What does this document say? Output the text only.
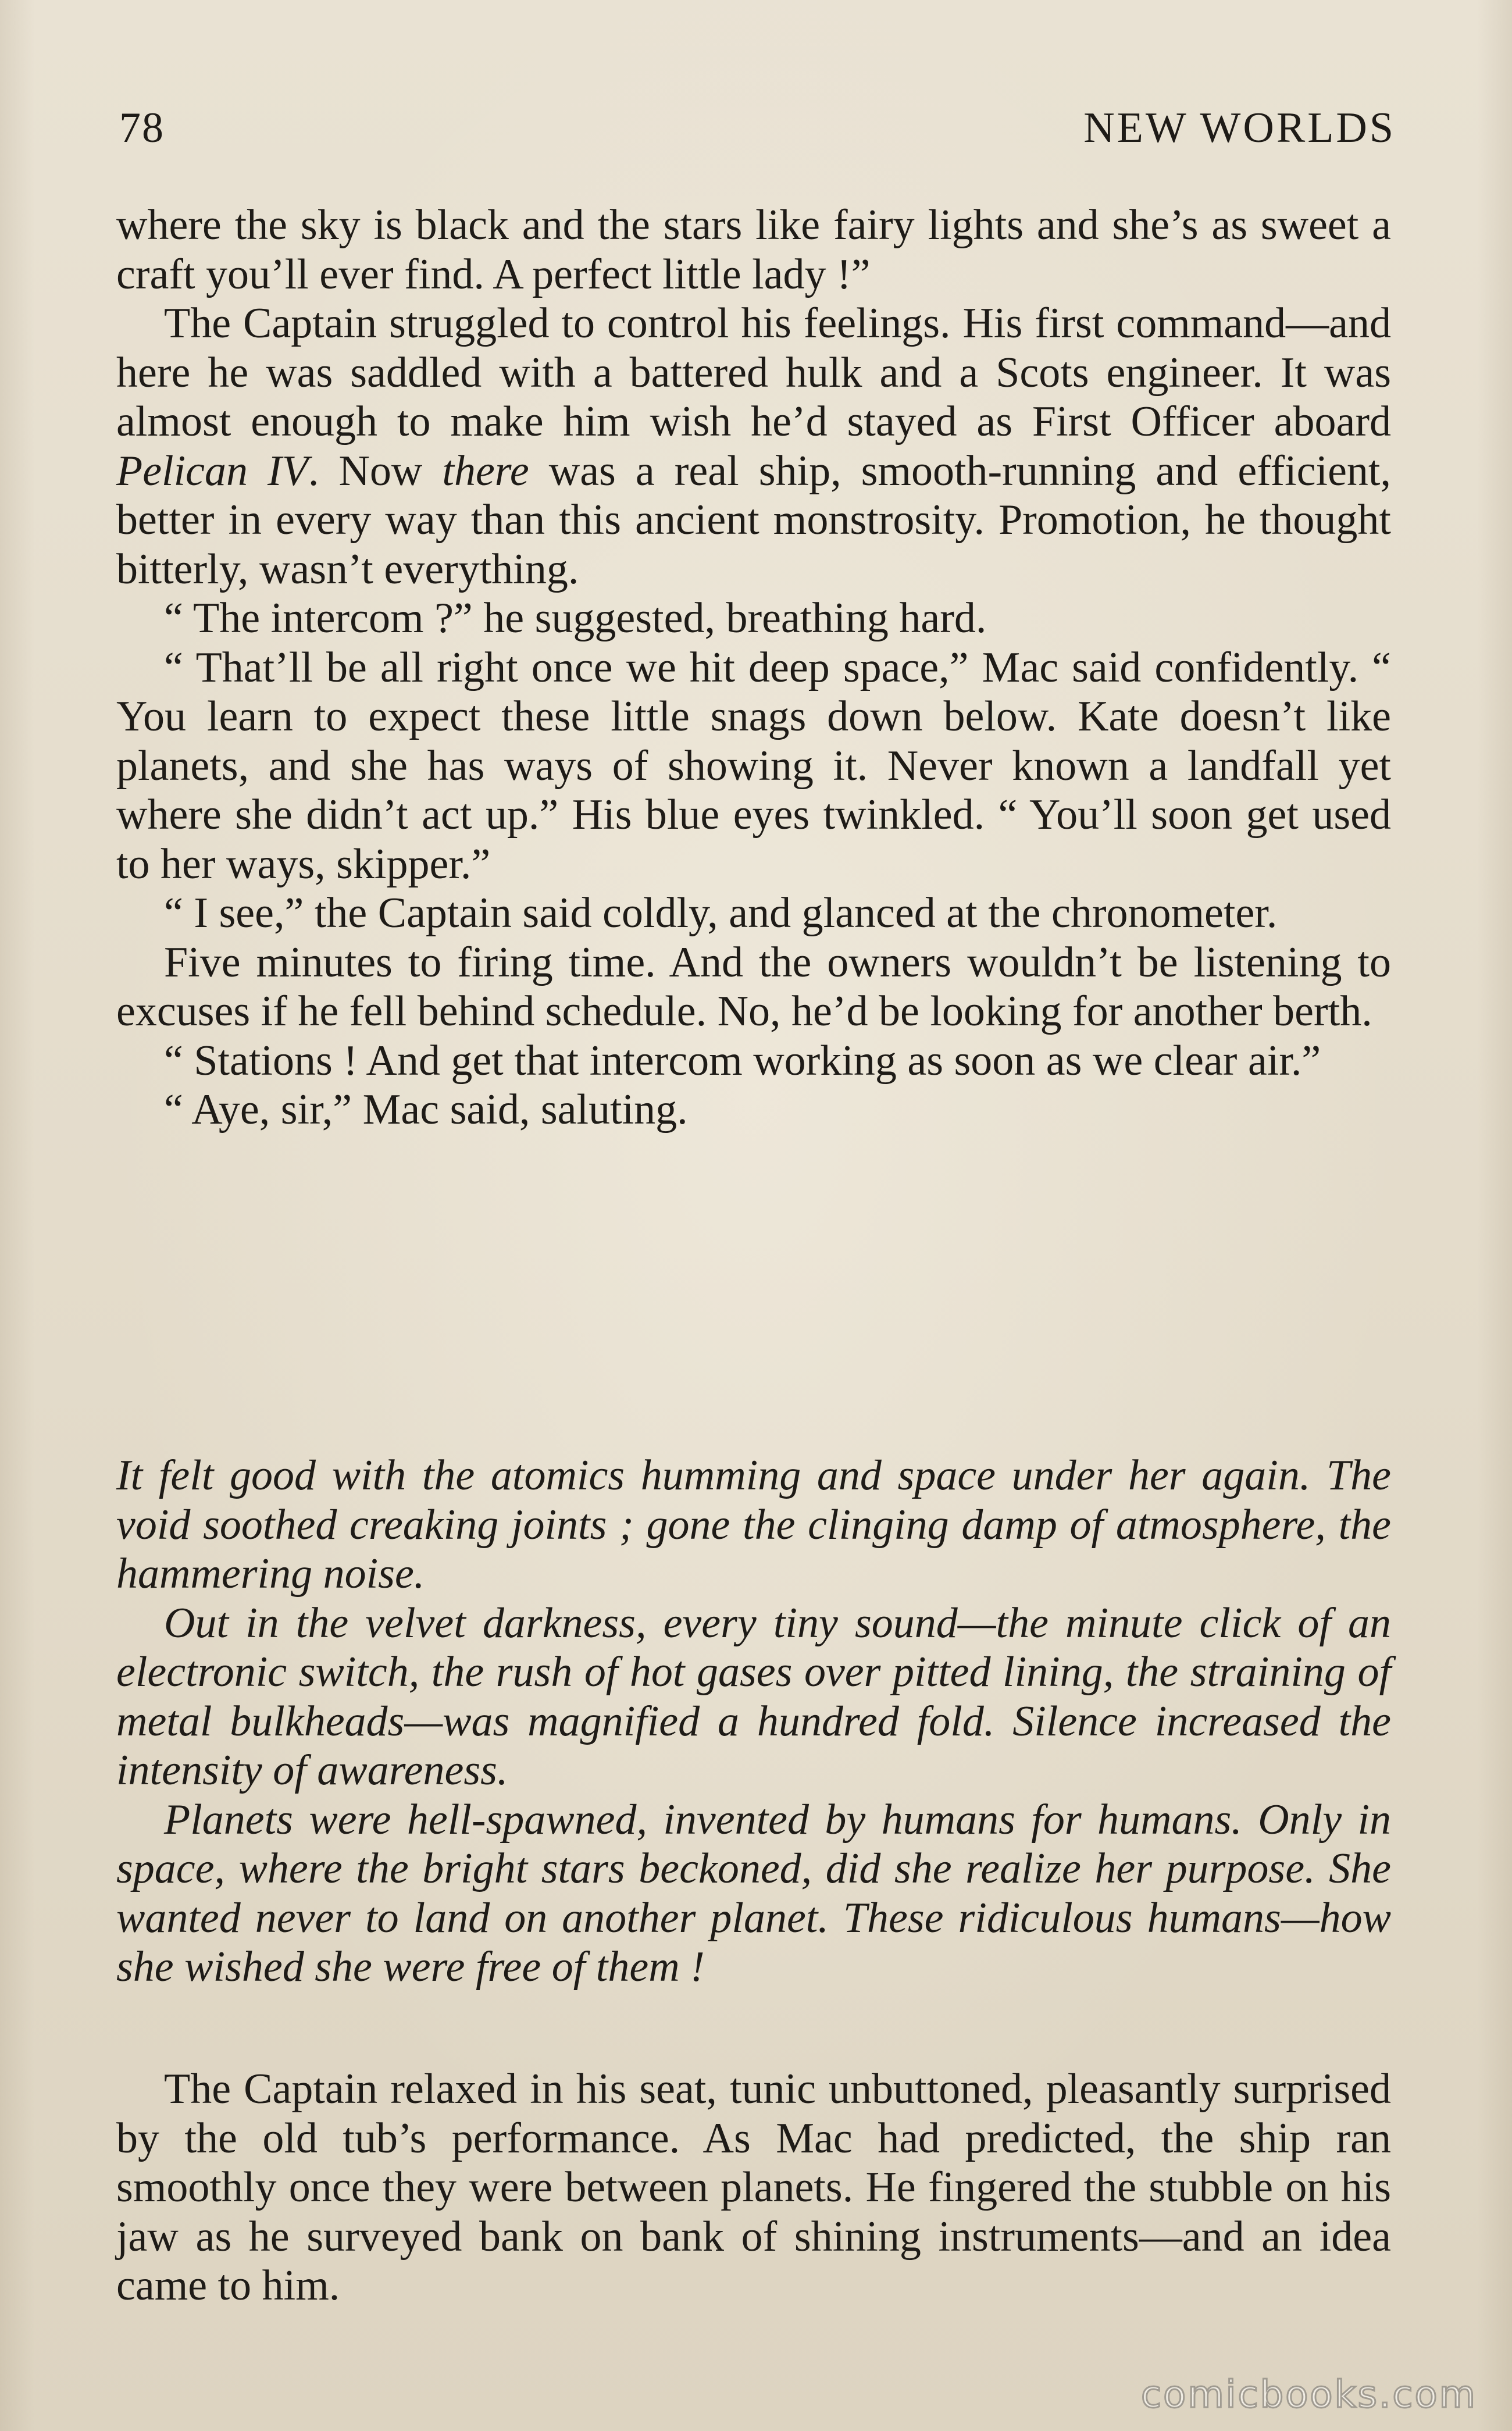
78	NEW WORLDS

where the sky is black and the stars like fairy lights and she’s as sweet a craft you’ll ever find. A perfect little lady !”

The Captain struggled to control his feelings. His first command—and here he was saddled with a battered hulk and a Scots engineer. It was almost enough to make him wish he’d stayed as First Officer aboard Pelican IV. Now there was a real ship, smooth-running and efficient, better in every way than this ancient monstrosity. Promotion, he thought bitterly, wasn’t everything.

“ The intercom ?” he suggested, breathing hard.

“ That’ll be all right once we hit deep space,” Mac said confidently. “ You learn to expect these little snags down below. Kate doesn’t like planets, and she has ways of showing it. Never known a landfall yet where she didn’t act up.” His blue eyes twinkled. “ You’ll soon get used to her ways, skipper.”

“ I see,” the Captain said coldly, and glanced at the chronometer.

Five minutes to firing time. And the owners wouldn’t be listening to excuses if he fell behind schedule. No, he’d be looking for another berth.

“ Stations ! And get that intercom working as soon as we clear air.”

“ Aye, sir,” Mac said, saluting.

It felt good with the atomics humming and space under her again. The void soothed creaking joints ; gone the clinging damp of atmosphere, the hammering noise.

Out in the velvet darkness, every tiny sound—the minute click of an electronic switch, the rush of hot gases over pitted lining, the straining of metal bulkheads—was magnified a hundred fold. Silence increased the intensity of awareness.

Planets were hell-spawned, invented by humans for humans. Only in space, where the bright stars beckoned, did she realize her purpose. She wanted never to land on another planet. These ridiculous humans—how she wished she were free of them !

The Captain relaxed in his seat, tunic unbuttoned, pleasantly surprised by the old tub’s performance. As Mac had predicted, the ship ran smoothly once they were between planets. He fingered the stubble on his jaw as he surveyed bank on bank of shining instruments—and an idea came to him.

comicbooks.com
